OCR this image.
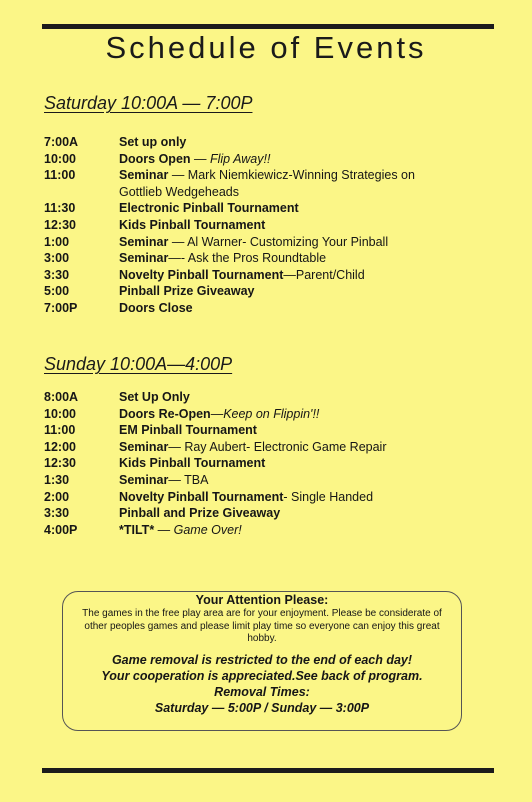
Schedule of Events
Saturday 10:00A — 7:00P
7:00A	Set up only
10:00	Doors Open — Flip Away!!
11:00	Seminar — Mark Niemkiewicz-Winning Strategies on
Gottlieb Wedgeheads
11:30	Electronic Pinball Tournament
12:30	Kids Pinball Tournament
1:00	Seminar — Al Warner- Customizing Your Pinball
3:00	Seminar—- Ask the Pros Roundtable
3:30	Novelty Pinball Tournament—Parent/Child
5:00	Pinball Prize Giveaway
7:00P	Doors Close
Sunday 10:00A—4:00P
8:00A	Set Up Only
10:00	Doors Re-Open—Keep on Flippin'!!
11:00	EM Pinball Tournament
12:00	Seminar— Ray Aubert- Electronic Game Repair
12:30	Kids Pinball Tournament
1:30	Seminar— TBA
2:00	Novelty Pinball Tournament- Single Handed
3:30	Pinball and Prize Giveaway
4:00P	*TILT* — Game Over!
Your Attention Please:
The games in the free play area are for your enjoyment. Please be considerate of other peoples games and please limit play time so everyone can enjoy this great hobby.
Game removal is restricted to the end of each day!
Your cooperation is appreciated.See back of program.
Removal Times:
Saturday — 5:00P / Sunday — 3:00P
